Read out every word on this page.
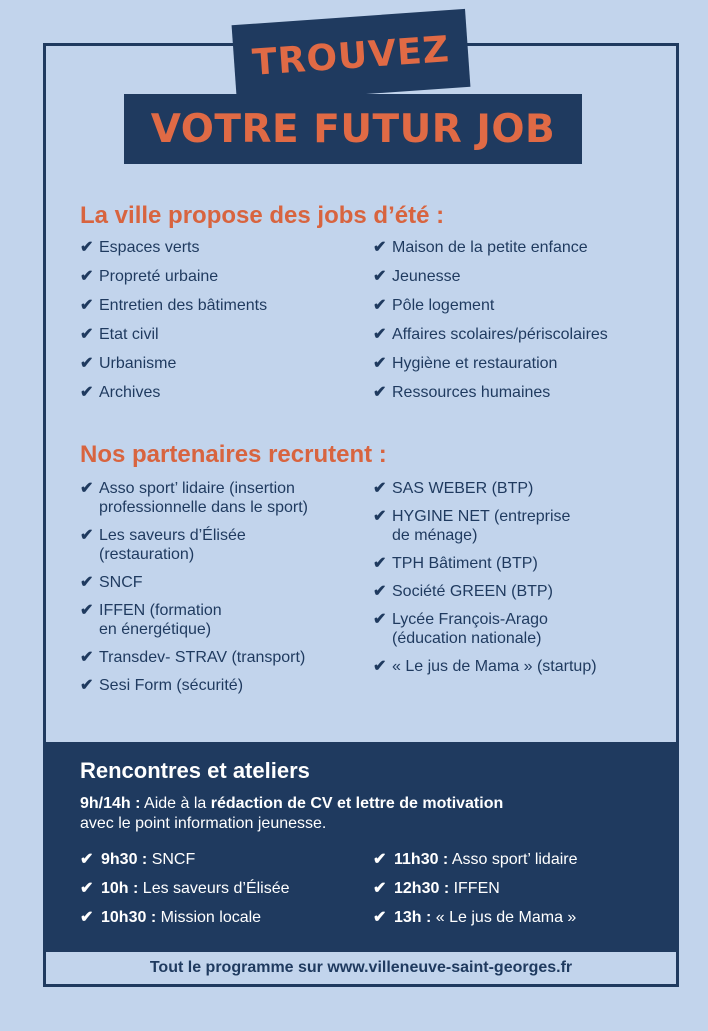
TROUVEZ
VOTRE FUTUR JOB
La ville propose des jobs d’été :
✔ Espaces verts
✔ Propreté urbaine
✔ Entretien des bâtiments
✔ Etat civil
✔ Urbanisme
✔ Archives
✔ Maison de la petite enfance
✔ Jeunesse
✔ Pôle logement
✔ Affaires scolaires/périscolaires
✔ Hygiène et restauration
✔ Ressources humaines
Nos partenaires recrutent :
✔ Asso sport’ lidaire (insertion
professionnelle dans le sport)
✔ Les saveurs d’Élisée
(restauration)
✔ SNCF
✔ IFFEN (formation
en énergétique)
✔ Transdev- STRAV (transport)
✔ Sesi Form (sécurité)
✔ SAS WEBER (BTP)
✔ HYGINE NET (entreprise
de ménage)
✔ TPH Bâtiment (BTP)
✔ Société GREEN (BTP)
✔ Lycée François-Arago
(éducation nationale)
✔ « Le jus de Mama » (startup)
Rencontres et ateliers
9h/14h : Aide à la rédaction de CV et lettre de motivation
avec le point information jeunesse.
✔ 9h30 : SNCF
✔ 10h : Les saveurs d’Élisée
✔ 10h30 : Mission locale
✔ 11h30 : Asso sport’ lidaire
✔ 12h30 : IFFEN
✔ 13h : « Le jus de Mama »
Tout le programme sur www.villeneuve-saint-georges.fr
